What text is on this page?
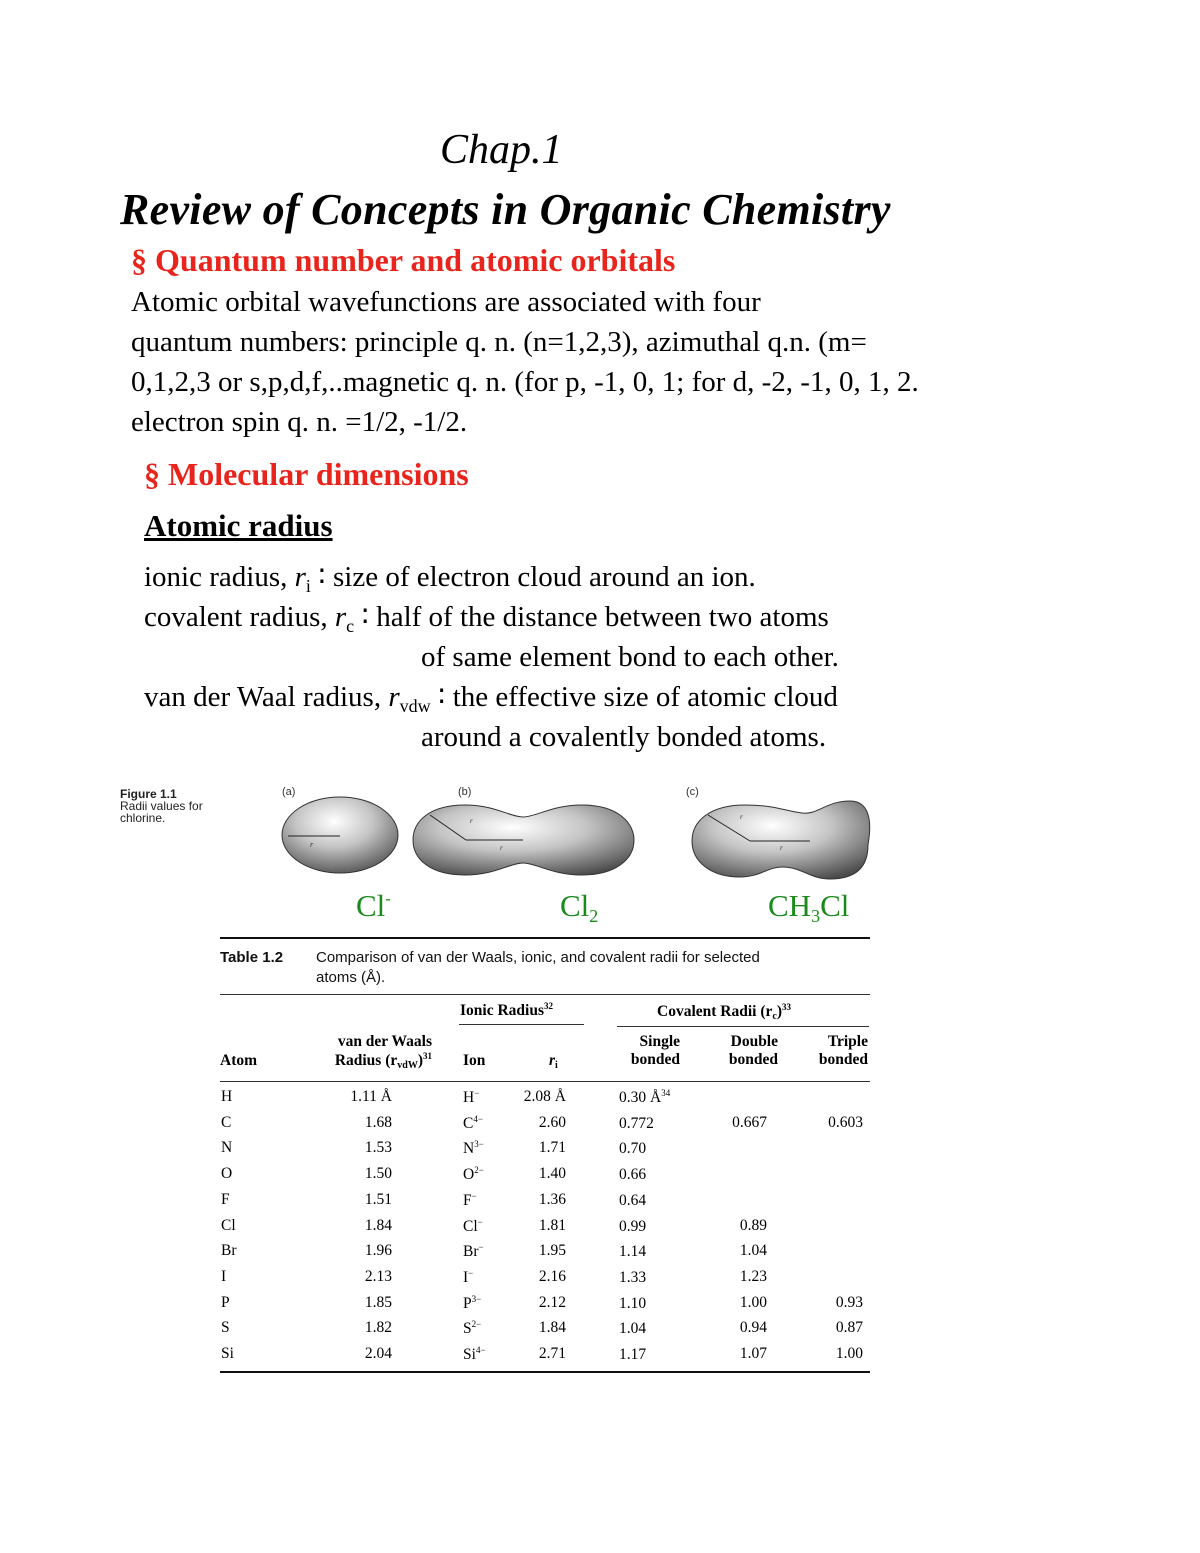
Chap.1
Review of Concepts in Organic Chemistry
§ Quantum number and atomic orbitals
Atomic orbital wavefunctions are associated with four
quantum numbers: principle q. n. (n=1,2,3), azimuthal q.n. (m=
0,1,2,3 or s,p,d,f,..magnetic q. n. (for p, -1, 0, 1; for d, -2, -1, 0, 1, 2.
electron spin q. n. =1/2, -1/2.
§ Molecular dimensions
Atomic radius
ionic radius, $r_i$ ∶ size of electron cloud around an ion.
covalent radius, $r_c$ ∶ half of the distance between two atoms
of same element bond to each other.
van der Waal radius, $r_{vdw}$ ∶ the effective size of atomic cloud
around a covalently bonded atoms.
Figure 1.1
Radii values for
chlorine.
(a)	(b)	(c)
r
r
r
r
r
Cl-	$Cl_2$	$CH_3Cl$
Table 1.2 Comparison of van der Waals, ionic, and covalent radii for selected
atoms (Å).
Ionic Radius$^{32}$	Covalent Radii (rc)$^{33}$
Atom
van der Waals
Radius (rvdW)$^{31}$ Ion	ri
Single
bonded
Double
bonded
Triple
bonded
H	1.11 Å	H−	2.08 Å	0.30 $Å^{34}$
C	1.68	$C^{4-}$	2.60	0.772	0.667	0.603
N	1.53	$N^{3-}$	1.71	0.70
O	1.50	$O^{2-}$	1.40	0.66
F	1.51	F−	1.36	0.64
Cl	1.84	Cl−	1.81	0.99	0.89
Br	1.96	Br−	1.95	1.14	1.04
I	2.13	I−	2.16	1.33	1.23
P	1.85	$P^{3-}$	2.12	1.10	1.00	0.93
S	1.82	$S^{2-}$	1.84	1.04	0.94	0.87
Si	2.04	$Si^{4-}$	2.71	1.17	1.07	1.00
